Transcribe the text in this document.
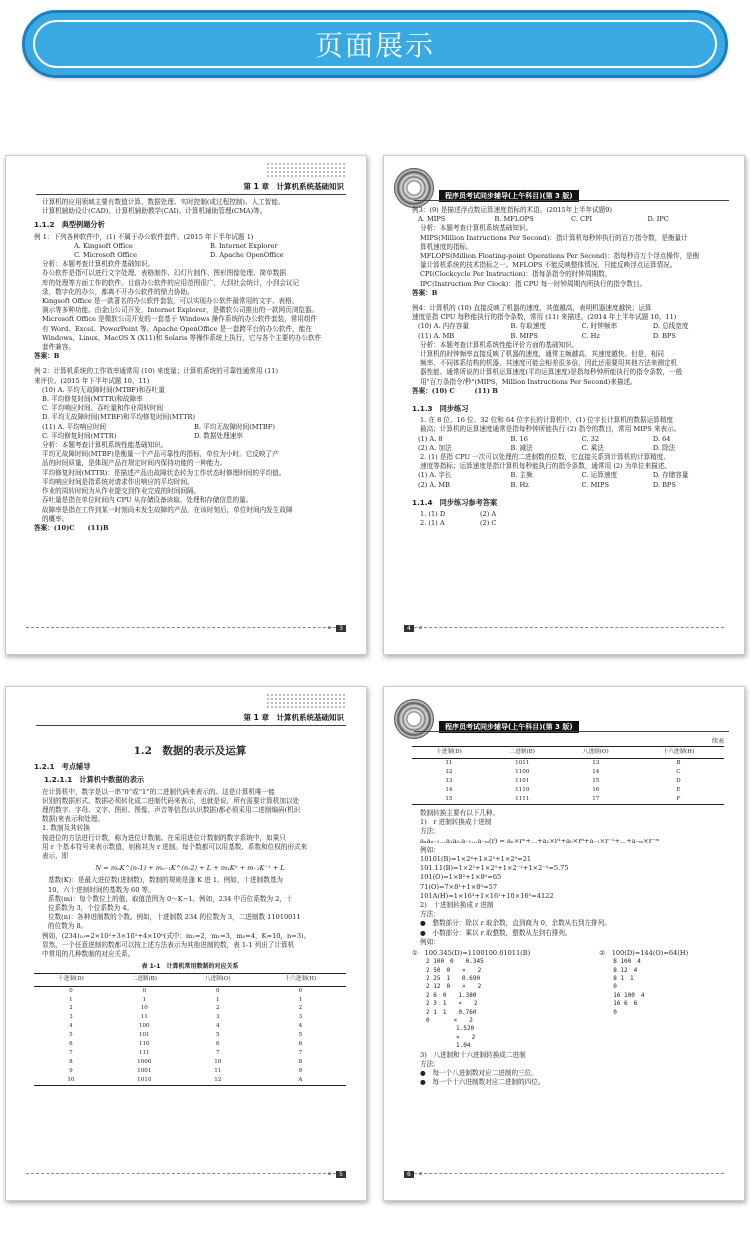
页面展示
第 1 章　计算机系统基础知识
计算机的应用领域主要有数值计算、数据处理、实时控制(或过程控制)、人工智能、
计算机辅助设计(CAD)、计算机辅助教学(CAI)、计算机辅助管理(CMA)等。
1.1.2　典型例题分析
例 1：下列各种软件中，(1) 不属于办公软件套件。(2015 年下半年试题 1)
A. Kingsoft Office	B. Internet Explorer
C. Microsoft Office	D. Apache OpenOffice
分析：本题考查计算机软件基础知识。
办公软件是指可以进行文字处理、表格制作、幻灯片制作、图形图像处理、简单数据
库的处理等方面工作的软件。目前办公软件的应用范围很广，大到社会统计，小到会议记
录，数字化的办公，都离不开办公软件的鼎力协助。
Kingsoft Office 是一款著名的办公软件套装，可以实现办公软件最常用的文字、表格、
演示等多种功能。由金山公司开发，Internet Explorer，是微软公司推出的一款网页浏览器。
Microsoft Office 是微软公司开发的一套基于 Windows 操作系统的办公软件套装，常用组件
有 Word、Excel、PowerPoint 等。Apache OpenOffice 是一套跨平台的办公软件，能在
Windows、Linux、MacOS X (X11)和 Solaris 等操作系统上执行，它与各个主要的办公软件
套件兼容。
答案：B
例 2：计算机系统的工作效率通常用 (10) 来度量；计算机系统的可靠性通常用 (11)
来评价。(2015 年下半年试题 10、11)
(10) A. 平均无故障时间(MTBF)和吞吐量
B. 平均修复时间(MTTR)和故障率
C. 平均响应时间、吞吐量和作业周转时间
D. 平均无故障时间(MTBF)和平均修复时间(MTTR)
(11) A. 平均响应时间	B. 平均无故障时间(MTBF)
C. 平均修复时间(MTTR)	D. 数据处理速率
分析：本题考查计算机系统性能基础知识。
平均无故障时间(MTBF)是衡量一个产品可靠性的指标，单位为小时。它反映了产
品的时间质量，是体现产品在规定时间内保持功能的一种能力。
平均修复时间(MTTR)：是描述产品由故障状态转为工作状态时修理时间的平均值。
平均响应时间是指系统对请求作出响应的平均时间。
作业的周转时间为从作业提交到作业完成的时间间隔。
吞吐量是指在单位时间内 CPU 从存储设备读取、处理和存储信息的量。
故障率是指在工作到某一时刻尚未发生故障的产品，在该时刻后，单位时间内发生故障
的概率。
答案：(10)C　　(11)B
»	3
程序员考试同步辅导(上午科目)(第 3 版)
例3：(9) 是描述浮点数运算速度指标的术语。(2015年上半年试题9)
A. MIPS	B. MFLOPS	C. CPI	D. IPC
分析：本题考查计算机系统基础知识。
MIPS(Million Instructions Per Second)：指计算机每秒钟执行的百万指令数，是衡量计
算机速度的指标。
MFLOPS(Million Floating-point Operations Per Second)：指每秒百万个浮点操作，是衡
量计算机系统的技术指标之一。MFLOPS 不能反映整体情况，只能反映浮点运算情况。
CPI(Clockcycle Per Instruction)：指每条指令的时钟周期数。
IPC(Instruction Per Clock)：指 CPU 每一时钟周期内所执行的指令数目。
答案：B
例4：计算机的 (10) 直接反映了机器的速度，其值越高，表明机器速度越快；运算
速度是指 CPU 每秒能执行的指令条数，常用 (11) 来描述。(2014 年上半年试题 10、11)
(10) A. 内存容量	B. 存取速度	C. 时钟频率	D. 总线宽度
(11) A. MB	B. MIPS	C. Hz	D. BPS
分析：本题考查计算机系统性能评价方面的基础知识。
计算机的时钟频率直接反映了机器的速度，通常主频越高，其速度越快。但是，相同
频率、不同体系结构的机器，其速度可能会相差很多倍，因此还需要用其他方法来测定机
器性能。通常所说的计算机运算速度(平均运算速度)是指每秒钟所能执行的指令条数，一般
用"百万条指令/秒"(MIPS，Million Instructions Per Second)来描述。
答案：(10) C　　　(11) B
1.1.3　同步练习
1. 在 8 位、16 位、32 位和 64 位字长的计算机中，(1) 位字长计算机的数据运算精度
最高；计算机的运算速度通常是指每秒钟所能执行 (2) 指令的数目，常用 MIPS 来表示。
(1) A. 8	B. 16	C. 32	D. 64
(2) A. 加法	B. 减法	C. 乘法	D. 除法
2. (1) 是指 CPU 一次可以处理的二进制数的位数，它直接关系到计算机的计算精度、
速度等指标；运算速度是指计算机每秒能执行的指令条数，通常用 (2) 为单位来描述。
(1) A. 字长	B. 主频	C. 运算速度	D. 存储容量
(2) A. MB	B. Hz	C. MIPS	D. BPS
1.1.4　同步练习参考答案
1. (1) D	(2) A
2. (1) A	(2) C
«
4
第 1 章　计算机系统基础知识
1.2　数据的表示及运算
1.2.1　考点辅导
1.2.1.1　计算机中数据的表示
在计算机中，数字是以一串“0”或“1”的二进制代码来表示的。这是计算机唯一能
识别的数据形式。数据必须转化成二进制代码来表示，也就是说，所有需要计算机加以处
理的数字、字母、文字、图形、图像、声音等信息(认识数据)都必须采用二进制编码(机识
数据)来表示和处理。
1. 数制及其转换
按进位的方法进行计数，称为进位计数制。在采用进位计数制的数字系统中，如果只
用 r 个基本符号来表示数值，则称其为 r 进制。每个数都可以用基数、系数和位权的形式来
表示，即
N = mₙK^(n-1) + mₙ₋₁K^(n-2) + L + m₁K⁰ + m₋₁K⁻¹ + L
基数(K)：是最大进位数(进制数)，数制的规则是逢 K 进 1。例如，十进制数基为
10，六十进制时间的基数为 60 等。
系数(m)：每个数位上的值，取值范围为 0～K−1。例如，234 中百位系数为 2，十
位系数为 3，个位系数为 4。
位数(n)：各种进制数的个数。例如，十进制数 234 的位数为 3，二进制数 11010011
的位数为 8。
例如，(234)₁₀=2×10²+3×10¹+4×10⁰(式中：m₂=2，m₁=3，m₀=4，K=10，n=3)。
显然，一个任意进制的数都可以按上述方法表示为其他进制的数，表 1-1 列出了计算机
中常用的几种数制的对应关系。
表 1-1　计算机常用数制的对应关系
十进制(D)	二进制(B)	八进制(O)	十六进制(H)
0	0	0	0
1	1	1	1
2	10	2	2
3	11	3	3
4	100	4	4
5	101	5	5
6	110	6	6
7	111	7	7
8	1000	10	8
9	1001	11	9
10	1010	12	A
»	5
程序员考试同步辅导(上午科目)(第 3 版)
续表
十进制(D)	二进制(B)	八进制(O)	十六进制(H)
11	1011	13	B
12	1100	14	C
13	1101	15	D
14	1110	16	E
15	1111	17	F
数制转换主要有以下几种。
1)　r 进制转换成十进制
方法：
aₙaₙ₋₁...a₁a₀.a₋₁...a₋ₘ(r) = aₙ×rⁿ+...+a₁×r¹+a₀×r⁰+a₋₁×r⁻¹+...+a₋ₘ×r⁻ᵐ
例如：
10101(B)=1×2⁴+1×2²+1×2⁰=21
101.11(B)=1×2²+1×2⁰+1×2⁻¹+1×2⁻²=5.75
101(O)=1×8²+1×8⁰=65
71(O)=7×8¹+1×8⁰=57
101A(H)=1×16³+1×16¹+10×16⁰=4122
2)　十进制转换成 r 进制
方法：
●　整数部分：除以 r 取余数，直到商为 0，余数从右到左排列。
●　小数部分：乘以 r 取整数，整数从左到右排列。
例如：
①　100.345(D)=1100100.01011(B)
2 100　0　　0.345
2 50　0　　×　　2
2 25　1　　0.690
2 12　0　　×　　2
2 6　0　　1.380
2 3　1　　×　　2
2 1　1　　0.760
0　　　　×　　2
　　　　　1.520
　　　　　×　　2
　　　　　1.04
②　100(D)=144(O)=64(H)
8 100　4
8 12　4
8 1　1
0
16 100　4
16 6　6
0
3)　八进制和十六进制转换成二进制
方法：
●　每一个八进制数对应二进制的三位。
●　每一个十六进制数对应二进制的四位。
«
6
